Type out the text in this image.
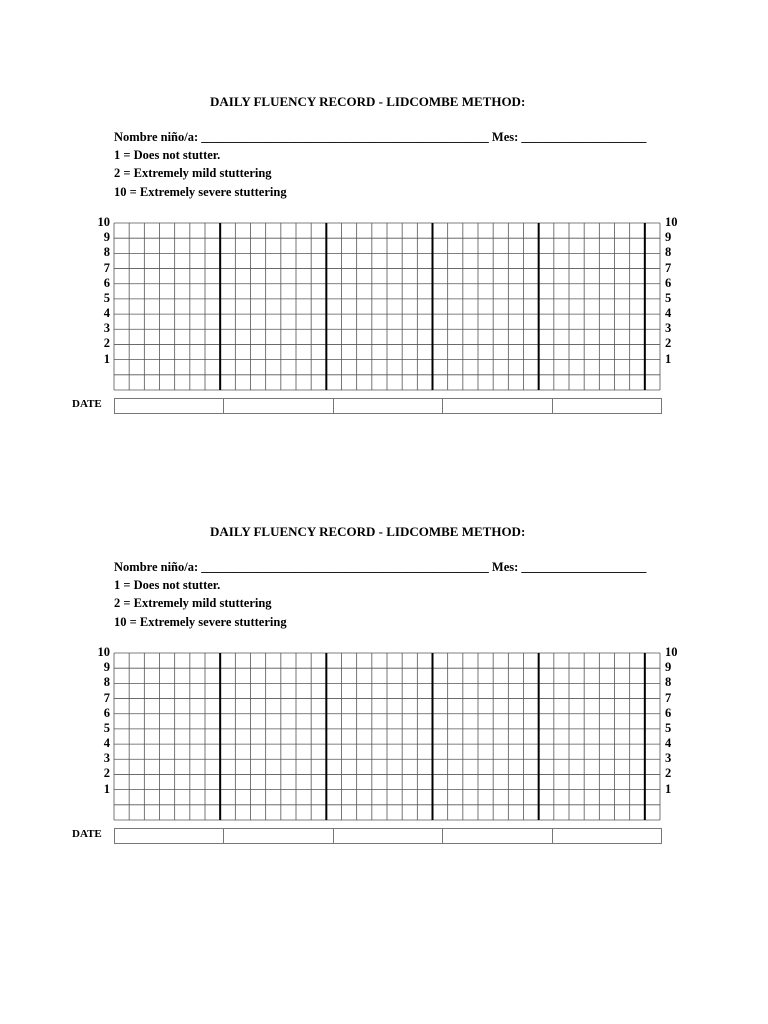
DAILY FLUENCY RECORD - LIDCOMBE METHOD:
Nombre niño/a: ______________________________________________ Mes: ____________________
1 = Does not stutter.
2 = Extremely mild stuttering
10 = Extremely severe stuttering
10
9
8
7
6
5
4
3
2
1
10
9
8
7
6
5
4
3
2
1
DATE
DAILY FLUENCY RECORD - LIDCOMBE METHOD:
Nombre niño/a: ______________________________________________ Mes: ____________________
1 = Does not stutter.
2 = Extremely mild stuttering
10 = Extremely severe stuttering
10
9
8
7
6
5
4
3
2
1
10
9
8
7
6
5
4
3
2
1
DATE
